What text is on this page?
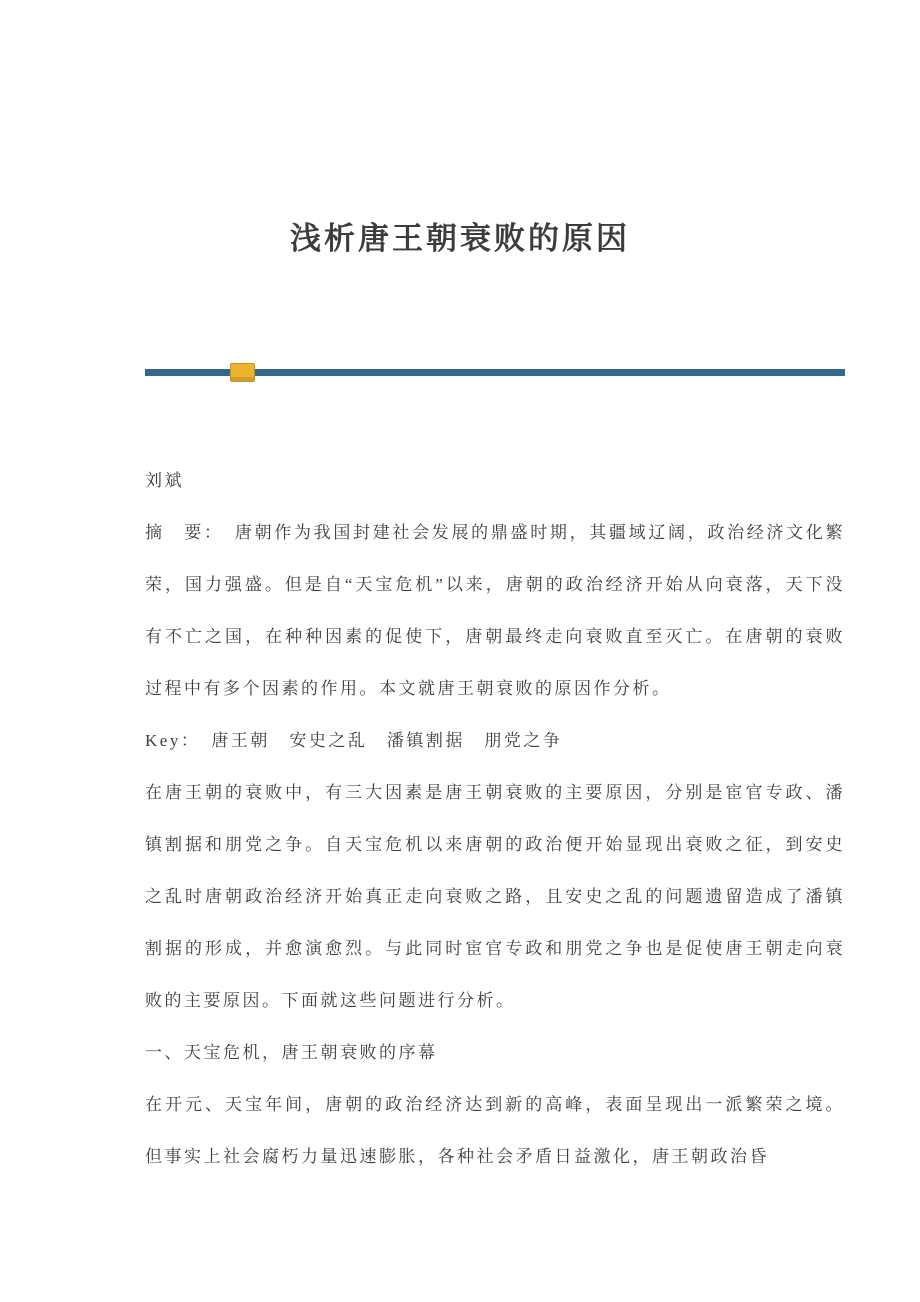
浅析唐王朝衰败的原因

刘斌

摘　要：　唐朝作为我国封建社会发展的鼎盛时期，其疆域辽阔，政治经济文化繁荣，国力强盛。但是自“天宝危机”以来，唐朝的政治经济开始从向衰落，天下没有不亡之国，在种种因素的促使下，唐朝最终走向衰败直至灭亡。在唐朝的衰败过程中有多个因素的作用。本文就唐王朝衰败的原因作分析。

Key：　唐王朝　安史之乱　潘镇割据　朋党之争

在唐王朝的衰败中，有三大因素是唐王朝衰败的主要原因，分别是宦官专政、潘镇割据和朋党之争。自天宝危机以来唐朝的政治便开始显现出衰败之征，到安史之乱时唐朝政治经济开始真正走向衰败之路，且安史之乱的问题遗留造成了潘镇割据的形成，并愈演愈烈。与此同时宦官专政和朋党之争也是促使唐王朝走向衰败的主要原因。下面就这些问题进行分析。

一、天宝危机，唐王朝衰败的序幕

在开元、天宝年间，唐朝的政治经济达到新的高峰，表面呈现出一派繁荣之境。但事实上社会腐朽力量迅速膨胀，各种社会矛盾日益激化，唐王朝政治昏
